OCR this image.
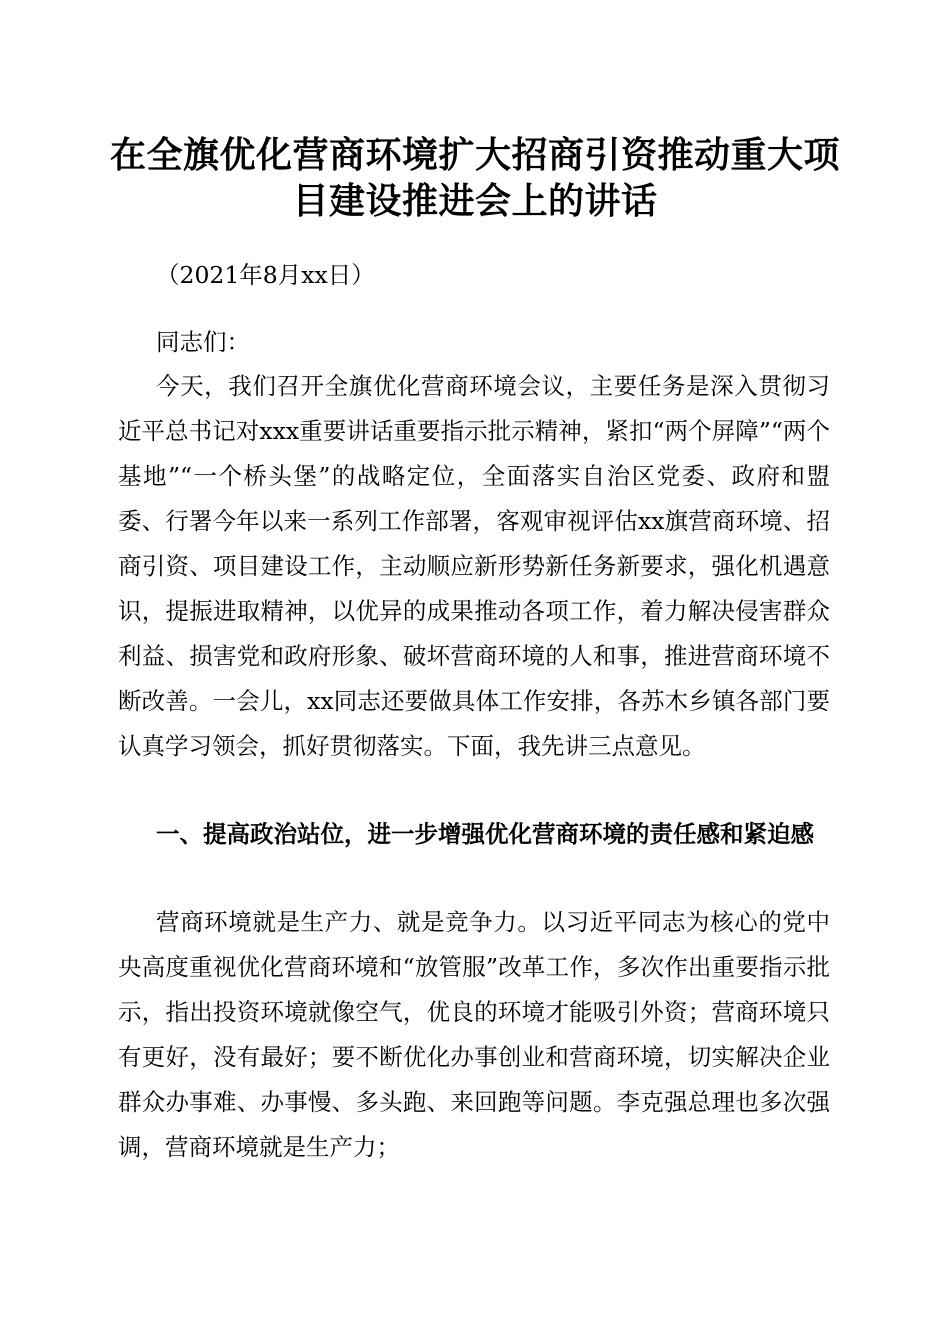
在全旗优化营商环境扩大招商引资推动重大项目建设推进会上的讲话
（2021年8月xx日）
同志们：
今天，我们召开全旗优化营商环境会议，主要任务是深入贯彻习近平总书记对xxx重要讲话重要指示批示精神，紧扣“两个屏障”“两个基地”“一个桥头堡”的战略定位，全面落实自治区党委、政府和盟委、行署今年以来一系列工作部署，客观审视评估xx旗营商环境、招商引资、项目建设工作，主动顺应新形势新任务新要求，强化机遇意识，提振进取精神，以优异的成果推动各项工作，着力解决侵害群众利益、损害党和政府形象、破坏营商环境的人和事，推进营商环境不断改善。一会儿，xx同志还要做具体工作安排，各苏木乡镇各部门要认真学习领会，抓好贯彻落实。下面，我先讲三点意见。
一、提高政治站位，进一步增强优化营商环境的责任感和紧迫感
营商环境就是生产力、就是竞争力。以习近平同志为核心的党中央高度重视优化营商环境和“放管服”改革工作，多次作出重要指示批示，指出投资环境就像空气，优良的环境才能吸引外资；营商环境只有更好，没有最好；要不断优化办事创业和营商环境，切实解决企业群众办事难、办事慢、多头跑、来回跑等问题。李克强总理也多次强调，营商环境就是生产力；
